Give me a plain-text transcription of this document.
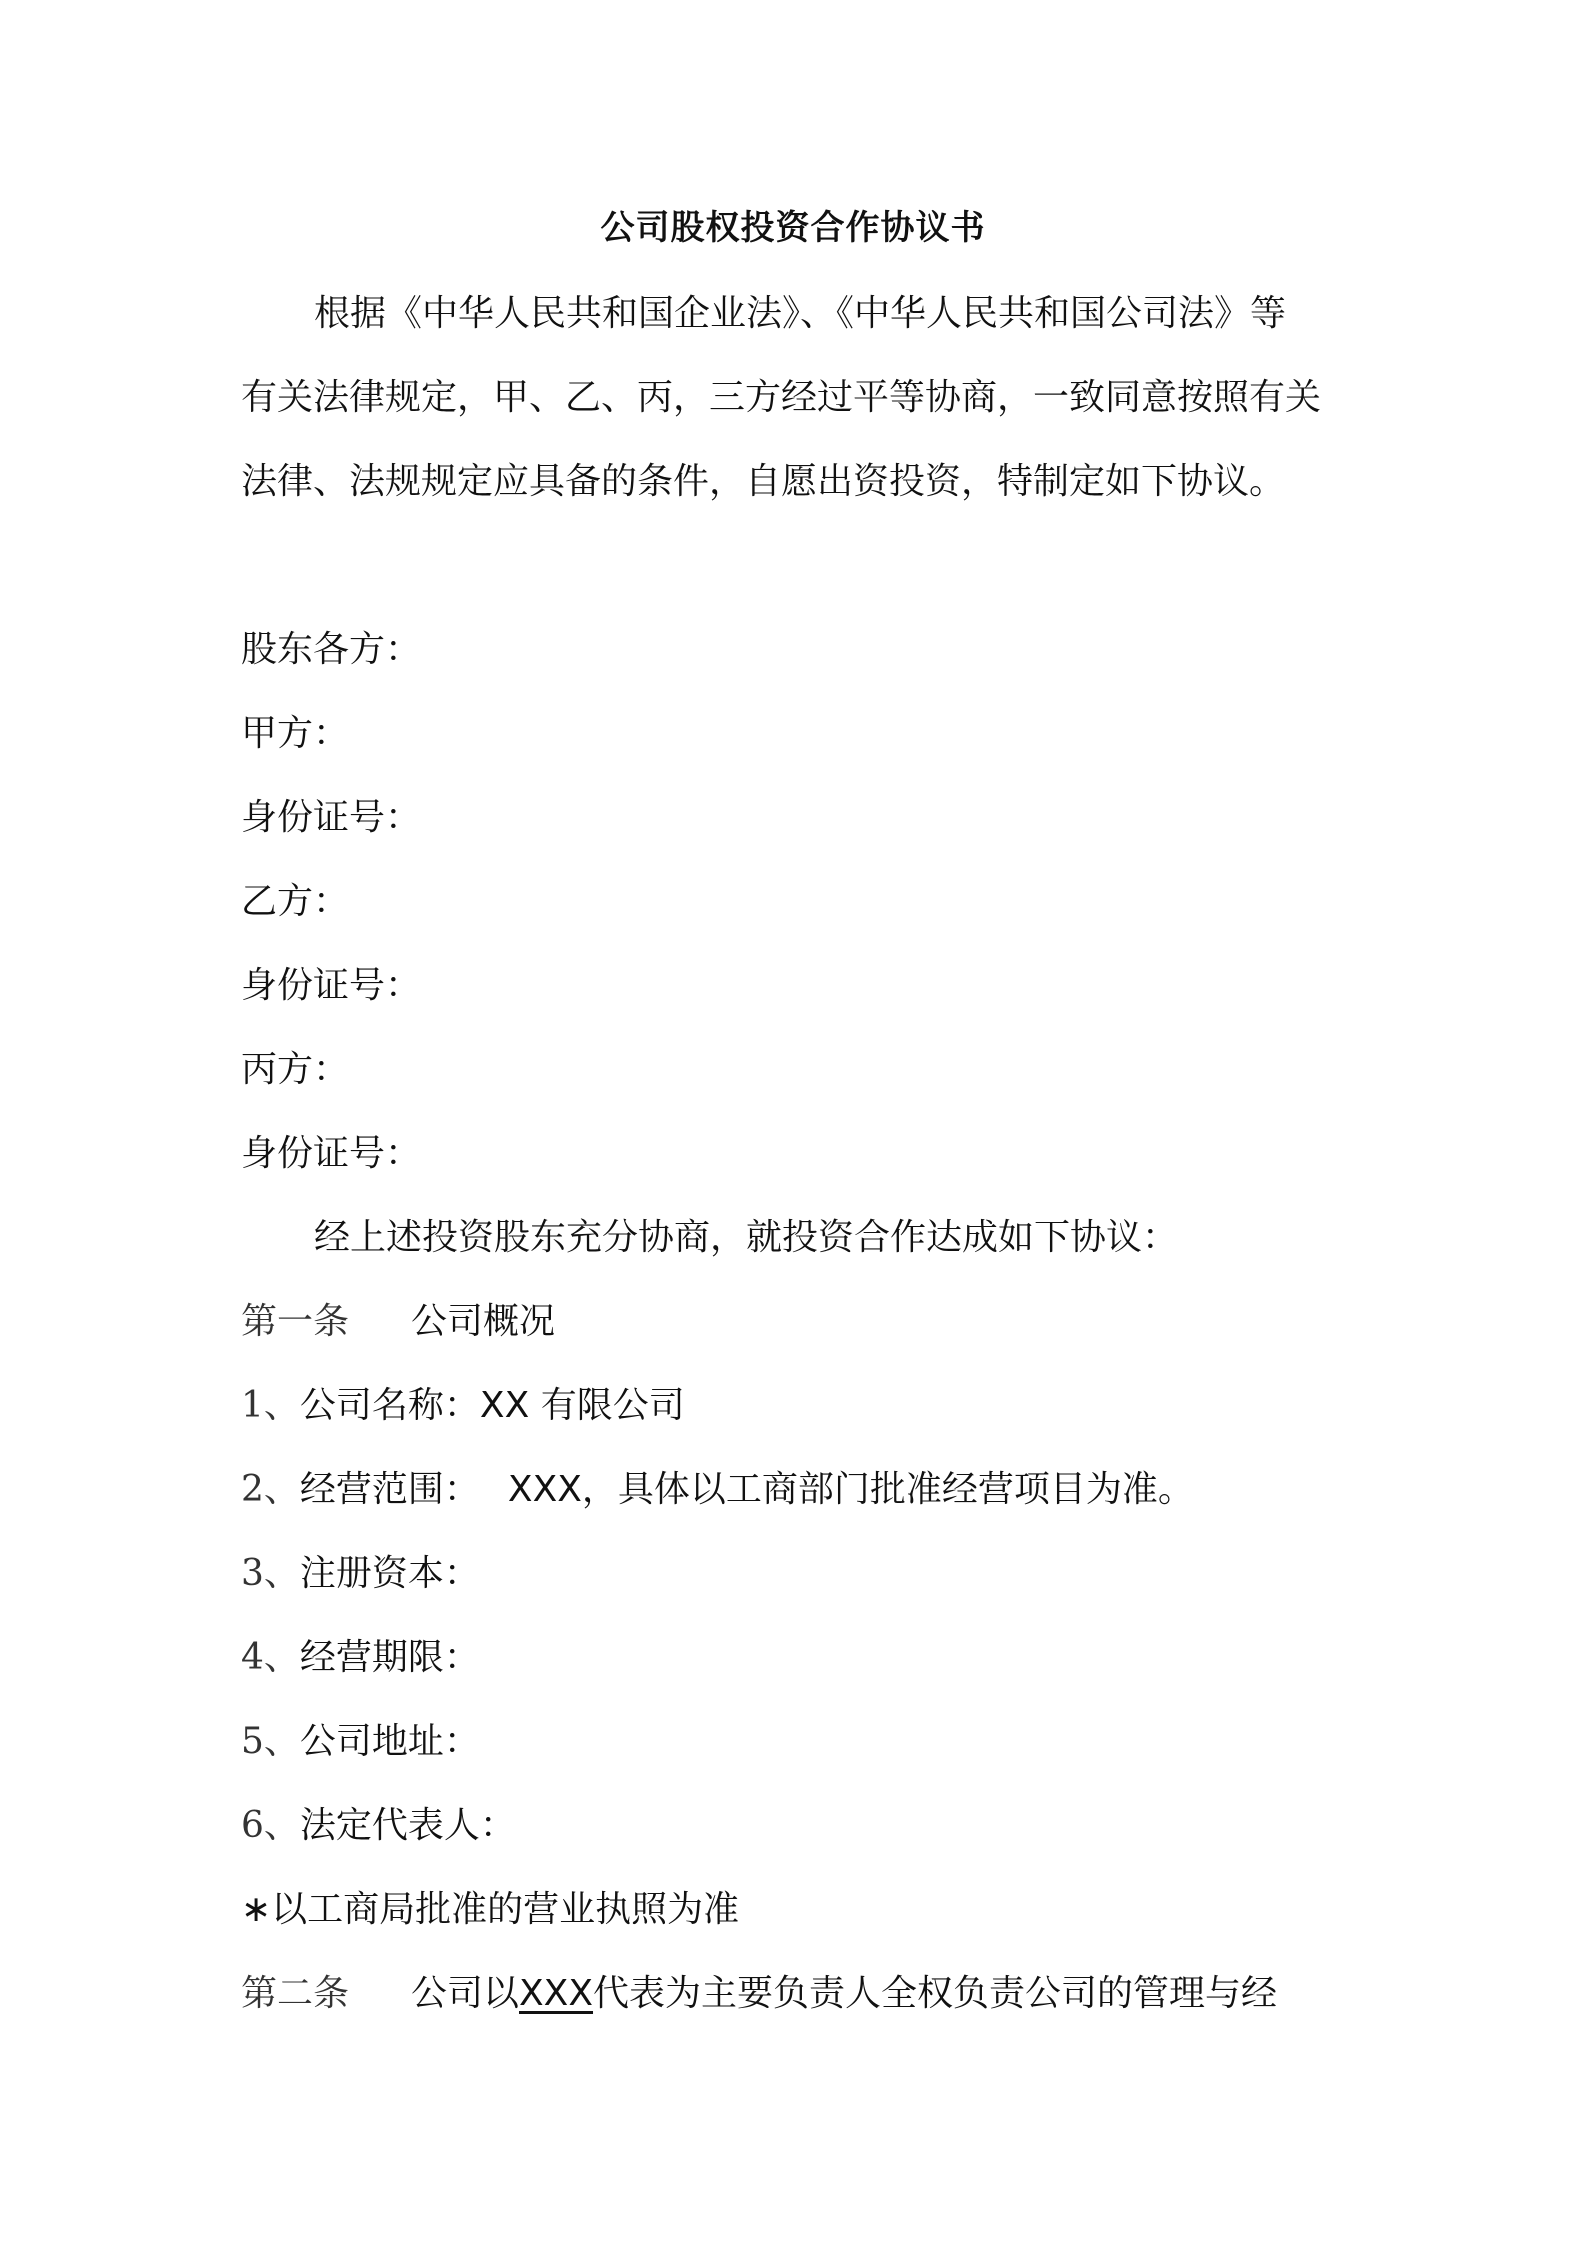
公司股权投资合作协议书
根据《中华人民共和国企业法》、《中华人民共和国公司法》等
有关法律规定，甲、乙、丙，三方经过平等协商，一致同意按照有关
法律、法规规定应具备的条件，自愿出资投资，特制定如下协议。
股东各方：
甲方：
身份证号：
乙方：
身份证号：
丙方：
身份证号：
经上述投资股东充分协商，就投资合作达成如下协议：
第一条 公司概况
1、公司名称：XX 有限公司
2、经营范围： XXX，具体以工商部门批准经营项目为准。
3、注册资本：
4、经营期限：
5、公司地址：
6、法定代表人：
∗以工商局批准的营业执照为准
第二条 公司以XXX代表为主要负责人全权负责公司的管理与经
